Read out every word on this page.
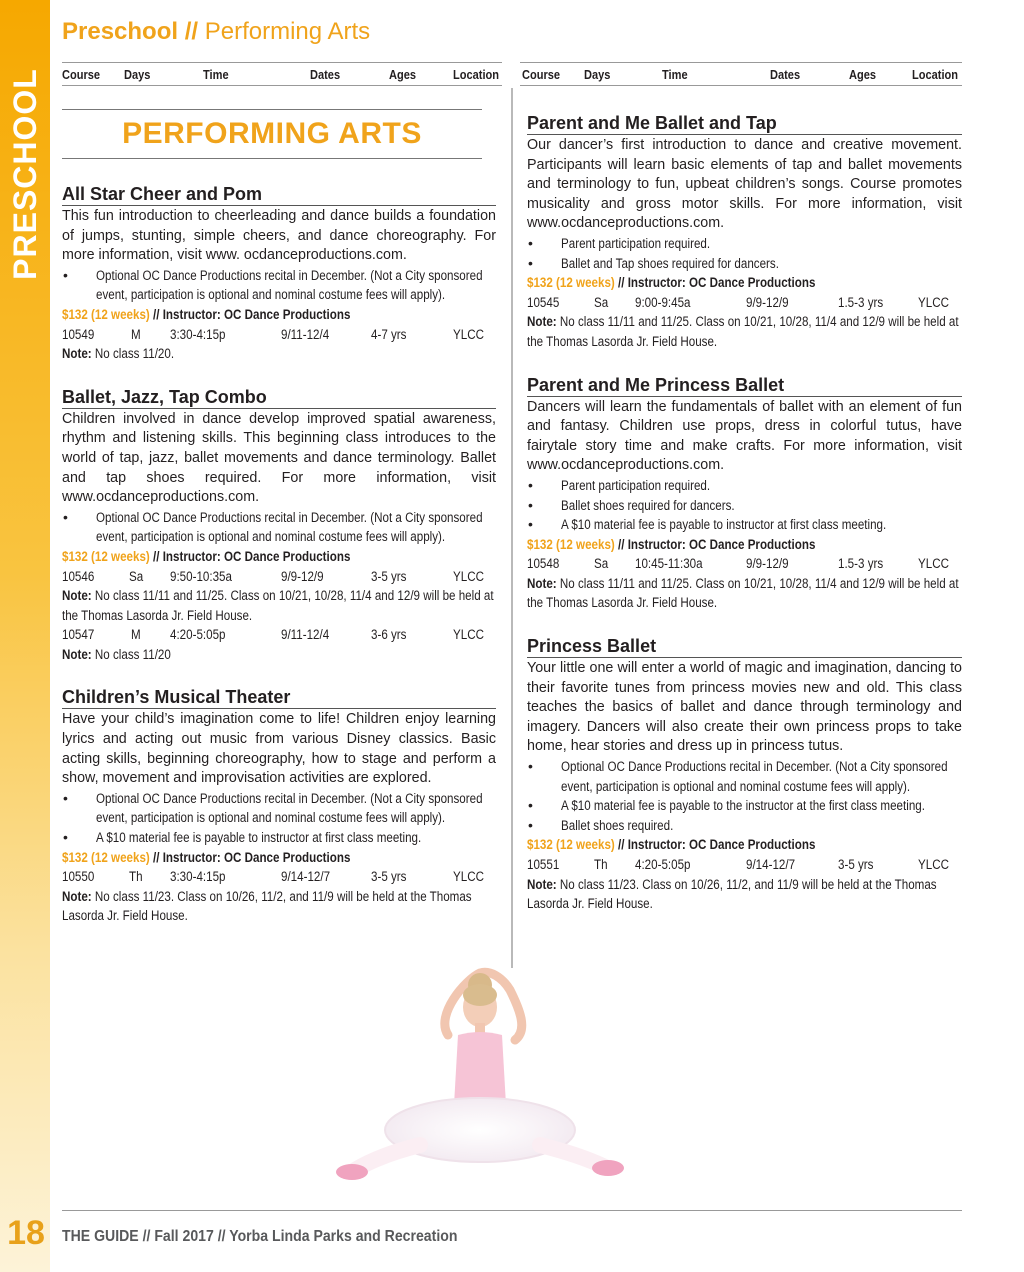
PRESCHOOL
18
Preschool // Performing Arts
Course Days	Time	Dates	Ages	Location Course Days	Time	Dates	Ages	Location
PERFORMING ARTS
All Star Cheer and Pom

This fun introduction to cheerleading and dance builds a foundation of jumps, stunting, simple cheers, and dance choreography. For more information, visit www. ocdanceproductions.com.

• Optional OC Dance Productions recital in December. (Not a City sponsored event, participation is optional and nominal costume fees will apply).
$132 (12 weeks) // Instructor: OC Dance Productions
10549	M 3:30-4:15p	9/11-12/4	4-7 yrs	YLCC
Note: No class 11/20.
Ballet, Jazz, Tap Combo

Children involved in dance develop improved spatial awareness, rhythm and listening skills. This beginning class introduces to the world of tap, jazz, ballet movements and dance terminology. Ballet and tap shoes required. For more information, visit www.ocdanceproductions.com.

• Optional OC Dance Productions recital in December. (Not a City sponsored event, participation is optional and nominal costume fees will apply).
$132 (12 weeks) // Instructor: OC Dance Productions
10546	Sa 9:50-10:35a	9/9-12/9	3-5 yrs	YLCC
Note: No class 11/11 and 11/25. Class on 10/21, 10/28, 11/4 and 12/9 will be held at the Thomas Lasorda Jr. Field House.
10547	M 4:20-5:05p	9/11-12/4	3-6 yrs	YLCC
Note: No class 11/20
Children’s Musical Theater

Have your child’s imagination come to life! Children enjoy learning lyrics and acting out music from various Disney classics. Basic acting skills, beginning choreography, how to stage and perform a show, movement and improvisation activities are explored.

• Optional OC Dance Productions recital in December. (Not a City sponsored event, participation is optional and nominal costume fees will apply).
• A $10 material fee is payable to instructor at first class meeting.
$132 (12 weeks) // Instructor: OC Dance Productions
10550	Th 3:30-4:15p	9/14-12/7	3-5 yrs	YLCC
Note: No class 11/23. Class on 10/26, 11/2, and 11/9 will be held at the Thomas Lasorda Jr. Field House.
Parent and Me Ballet and Tap

Our dancer’s first introduction to dance and creative movement. Participants will learn basic elements of tap and ballet movements and terminology to fun, upbeat children’s songs. Course promotes musicality and gross motor skills. For more information, visit www.ocdanceproductions.com.

• Parent participation required.
• Ballet and Tap shoes required for dancers.
$132 (12 weeks) // Instructor: OC Dance Productions
10545	Sa 9:00-9:45a	9/9-12/9	1.5-3 yrs	YLCC
Note: No class 11/11 and 11/25. Class on 10/21, 10/28, 11/4 and 12/9 will be held at the Thomas Lasorda Jr. Field House.
Parent and Me Princess Ballet

Dancers will learn the fundamentals of ballet with an element of fun and fantasy. Children use props, dress in colorful tutus, have fairytale story time and make crafts. For more information, visit www.ocdanceproductions.com.

• Parent participation required.
• Ballet shoes required for dancers.
• A $10 material fee is payable to instructor at first class meeting.
$132 (12 weeks) // Instructor: OC Dance Productions
10548	Sa 10:45-11:30a	9/9-12/9	1.5-3 yrs	YLCC
Note: No class 11/11 and 11/25. Class on 10/21, 10/28, 11/4 and 12/9 will be held at the Thomas Lasorda Jr. Field House.
Princess Ballet

Your little one will enter a world of magic and imagination, dancing to their favorite tunes from princess movies new and old. This class teaches the basics of ballet and dance through terminology and imagery. Dancers will also create their own princess props to take home, hear stories and dress up in princess tutus.

• Optional OC Dance Productions recital in December. (Not a City sponsored event, participation is optional and nominal costume fees will apply).
• A $10 material fee is payable to the instructor at the first class meeting.
• Ballet shoes required.
$132 (12 weeks) // Instructor: OC Dance Productions
10551	Th 4:20-5:05p	9/14-12/7	3-5 yrs	YLCC
Note: No class 11/23. Class on 10/26, 11/2, and 11/9 will be held at the Thomas Lasorda Jr. Field House.
THE GUIDE // Fall 2017 // Yorba Linda Parks and Recreation
